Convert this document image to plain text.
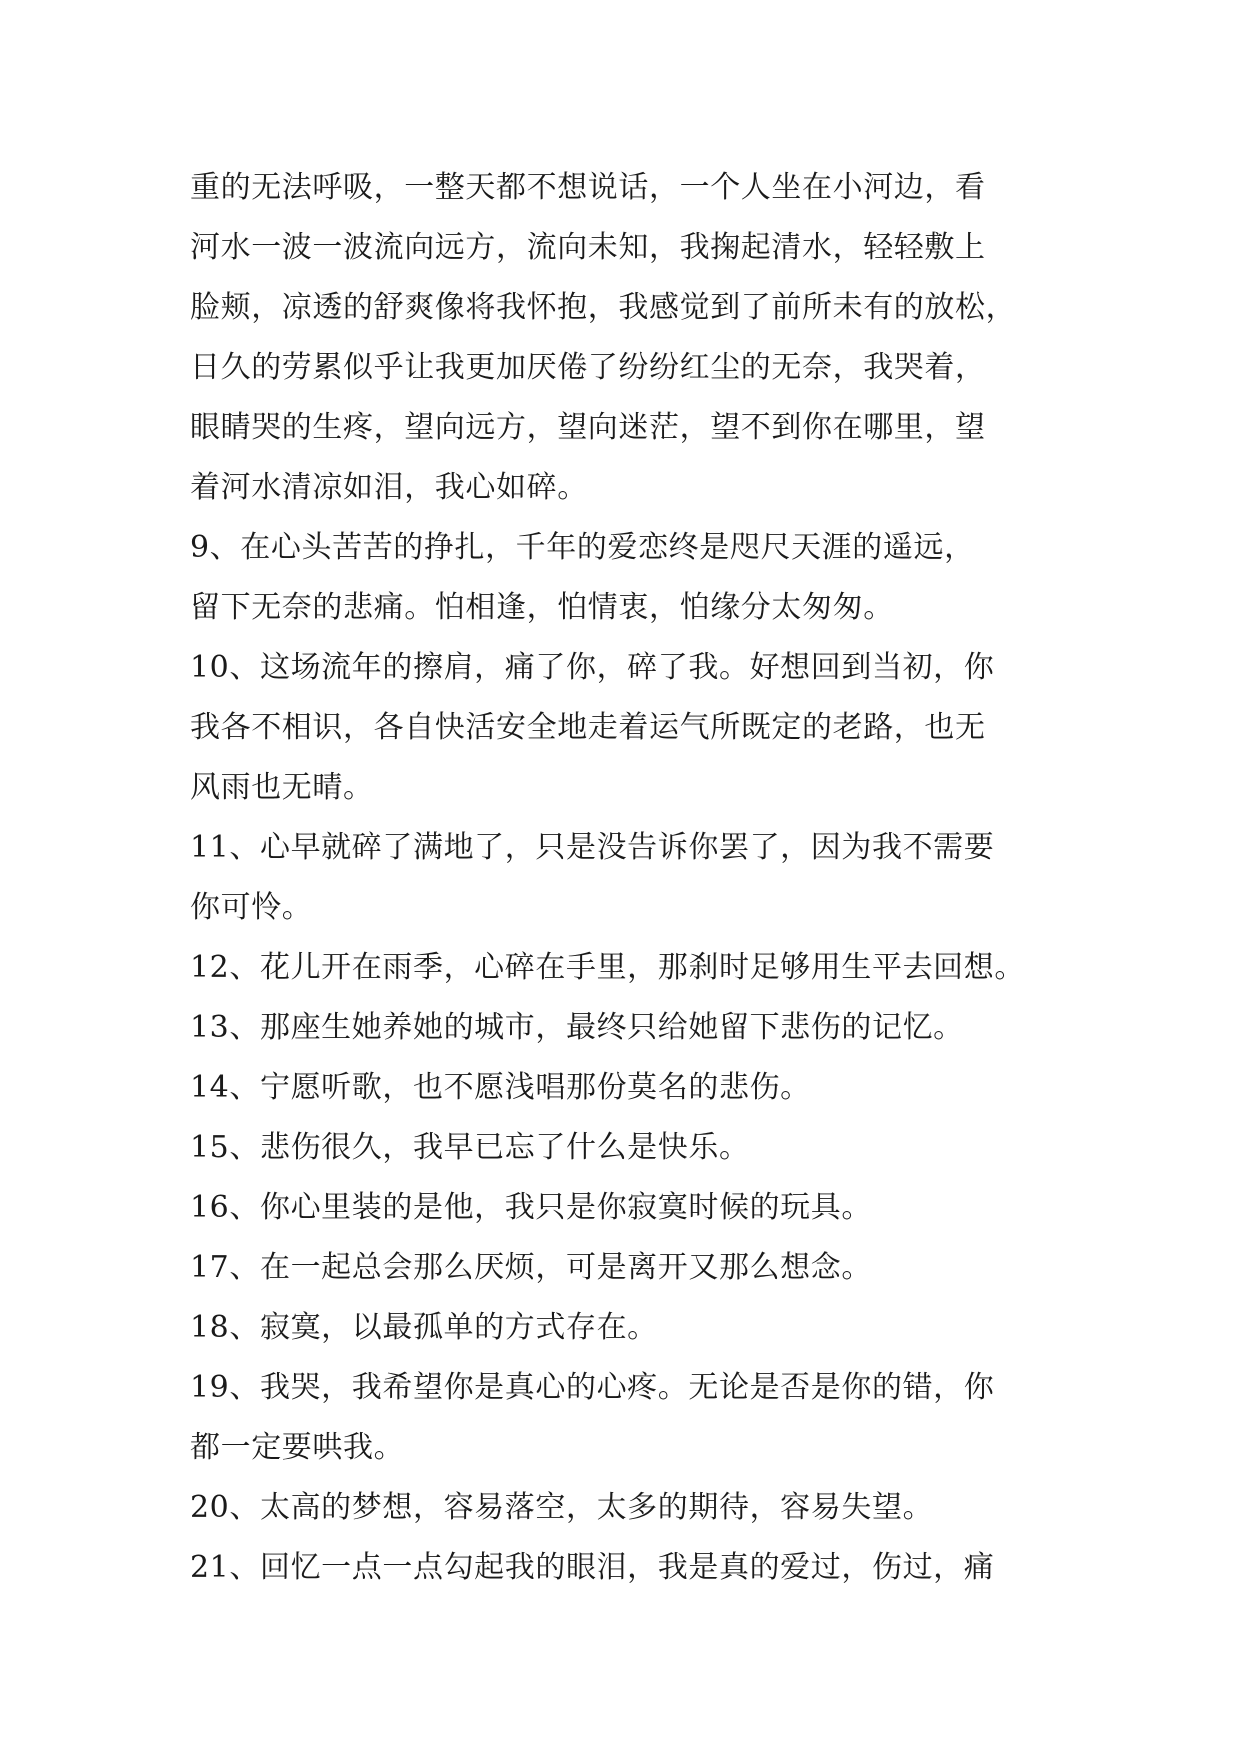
重的无法呼吸，一整天都不想说话，一个人坐在小河边，看
河水一波一波流向远方，流向未知，我掬起清水，轻轻敷上
脸颊，凉透的舒爽像将我怀抱，我感觉到了前所未有的放松，
日久的劳累似乎让我更加厌倦了纷纷红尘的无奈，我哭着，
眼睛哭的生疼，望向远方，望向迷茫，望不到你在哪里，望
着河水清凉如泪，我心如碎。
9、在心头苦苦的挣扎，千年的爱恋终是咫尺天涯的遥远，
留下无奈的悲痛。怕相逢，怕情衷，怕缘分太匆匆。
10、这场流年的擦肩，痛了你，碎了我。好想回到当初，你
我各不相识，各自快活安全地走着运气所既定的老路，也无
风雨也无晴。
11、心早就碎了满地了，只是没告诉你罢了，因为我不需要
你可怜。
12、花儿开在雨季，心碎在手里，那刹时足够用生平去回想。
13、那座生她养她的城市，最终只给她留下悲伤的记忆。
14、宁愿听歌，也不愿浅唱那份莫名的悲伤。
15、悲伤很久，我早已忘了什么是快乐。
16、你心里装的是他，我只是你寂寞时候的玩具。
17、在一起总会那么厌烦，可是离开又那么想念。
18、寂寞，以最孤单的方式存在。
19、我哭，我希望你是真心的心疼。无论是否是你的错，你
都一定要哄我。
20、太高的梦想，容易落空，太多的期待，容易失望。
21、回忆一点一点勾起我的眼泪，我是真的爱过，伤过，痛
